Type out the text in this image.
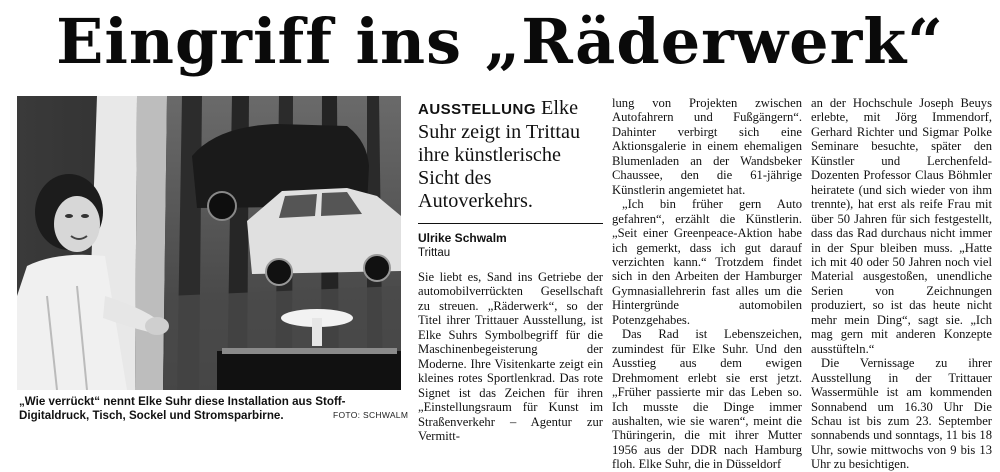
Eingriff ins „Räderwerk“
„Wie verrückt“ nennt Elke Suhr diese Installation aus Stoff-Digitaldruck, Tisch, Sockel und Stromsparbirne.	FOTO: SCHWALM

AUSSTELLUNG Elke Suhr zeigt in Trittau ihre künstlerische Sicht des Autoverkehrs.

Ulrike Schwalm
Trittau

Sie liebt es, Sand ins Getriebe der automobilverrückten Gesellschaft zu streuen. „Räderwerk“, so der Titel ihrer Trittauer Ausstellung, ist Elke Suhrs Symbolbegriff für die Maschinenbegeisterung der Moderne. Ihre Visitenkarte zeigt ein kleines rotes Sportlenkrad. Das rote Signet ist das Zeichen für ihren „Einstellungsraum für Kunst im Straßenverkehr – Agentur zur Vermitt-

lung von Projekten zwischen Autofahrern und Fußgängern“. Dahinter verbirgt sich eine Aktionsgalerie in einem ehemaligen Blumenladen an der Wandsbeker Chaussee, den die 61-jährige Künstlerin angemietet hat.

„Ich bin früher gern Auto gefahren“, erzählt die Künstlerin. „Seit einer Greenpeace-Aktion habe ich gemerkt, dass ich gut darauf verzichten kann.“ Trotzdem findet sich in den Arbeiten der Hamburger Gymnasiallehrerin fast alles um die Hintergründe automobilen Potenzgehabes.

Das Rad ist Lebenszeichen, zumindest für Elke Suhr. Und den Ausstieg aus dem ewigen Drehmoment erlebt sie erst jetzt. „Früher passierte mir das Leben so. Ich musste die Dinge immer aushalten, wie sie waren“, meint die Thüringerin, die mit ihrer Mutter 1956 aus der DDR nach Hamburg floh. Elke Suhr, die in Düsseldorf

an der Hochschule Joseph Beuys erlebte, mit Jörg Immendorf, Gerhard Richter und Sigmar Polke Seminare besuchte, später den Künstler und Lerchenfeld-Dozenten Professor Claus Böhmler heiratete (und sich wieder von ihm trennte), hat erst als reife Frau mit über 50 Jahren für sich festgestellt, dass das Rad durchaus nicht immer in der Spur bleiben muss. „Hatte ich mit 40 oder 50 Jahren noch viel Material ausgestoßen, unendliche Serien von Zeichnungen produziert, so ist das heute nicht mehr mein Ding“, sagt sie. „Ich mag gern mit anderen Konzepte ausstüfteln.“

Die Vernissage zu ihrer Ausstellung in der Trittauer Wassermühle ist am kommenden Sonnabend um 16.30 Uhr Die Schau ist bis zum 23. September sonnabends und sonntags, 11 bis 18 Uhr, sowie mittwochs von 9 bis 13 Uhr zu besichtigen.
